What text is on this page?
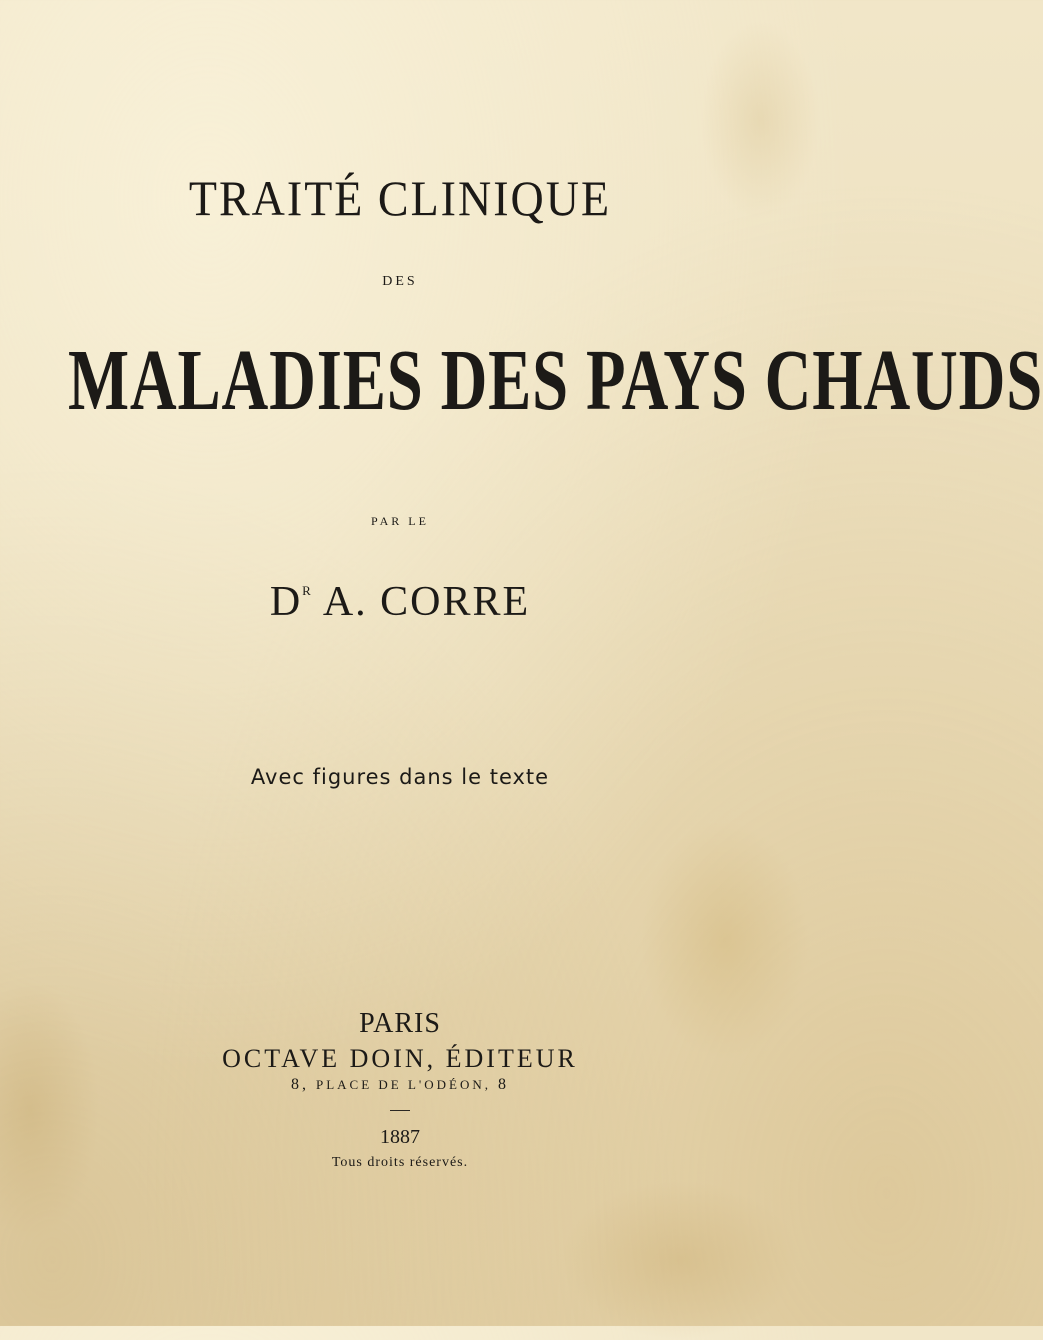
TRAITÉ CLINIQUE
DES
MALADIES DES PAYS CHAUDS
PAR LE
$D^R$ A. CORRE
Avec figures dans le texte
PARIS
OCTAVE DOIN, ÉDITEUR
8, PLACE DE L'ODÉON, 8
1887
Tous droits réservés.
